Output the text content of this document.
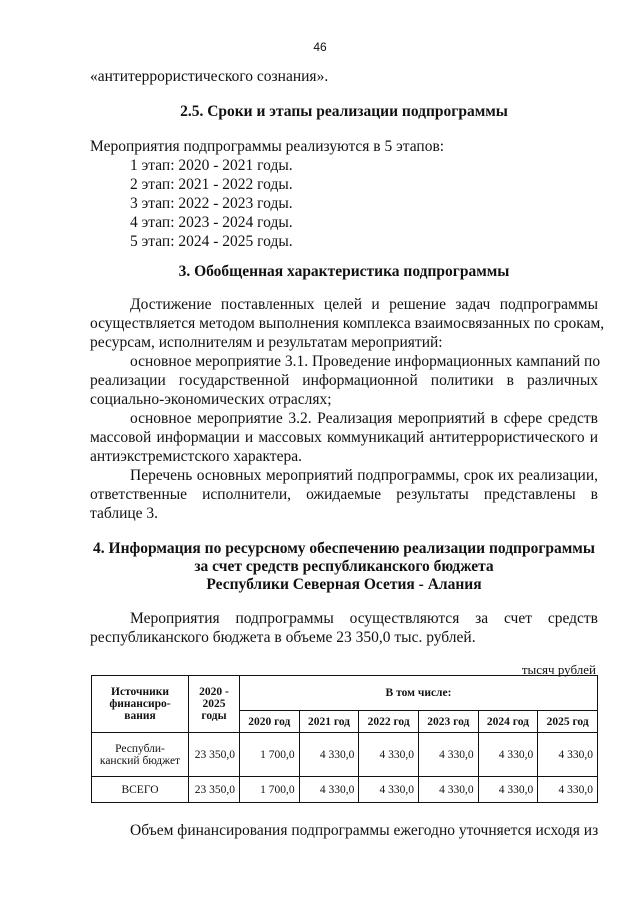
46
«антитеррористического сознания».
2.5. Сроки и этапы реализации подпрограммы
Мероприятия подпрограммы реализуются в 5 этапов:
1 этап: 2020 - 2021 годы.
2 этап: 2021 - 2022 годы.
3 этап: 2022 - 2023 годы.
4 этап: 2023 - 2024 годы.
5 этап: 2024 - 2025 годы.
3. Обобщенная характеристика подпрограммы
Достижение поставленных целей и решение задач подпрограммы
осуществляется методом выполнения комплекса взаимосвязанных по срокам,
ресурсам, исполнителям и результатам мероприятий:
основное мероприятие 3.1. Проведение информационных кампаний по
реализации государственной информационной политики в различных
социально-экономических отраслях;
основное мероприятие 3.2. Реализация мероприятий в сфере средств
массовой информации и массовых коммуникаций антитеррористического и
антиэкстремистского характера.
Перечень основных мероприятий подпрограммы, срок их реализации,
ответственные исполнители, ожидаемые результаты представлены в
таблице 3.
4. Информация по ресурсному обеспечению реализации подпрограммы
за счет средств республиканского бюджета
Республики Северная Осетия - Алания
Мероприятия подпрограммы осуществляются за счет средств
республиканского бюджета в объеме 23 350,0 тыс. рублей.
тысяч рублей
Источники
финансиро-
вания	2020 -
2025
годы	В том числе:					
		2020 год	2021 год	2022 год	2023 год	2024 год	2025 год
Республи-
канский бюджет	23 350,0	1 700,0	4 330,0	4 330,0	4 330,0	4 330,0	4 330,0
ВСЕГО	23 350,0	1 700,0	4 330,0	4 330,0	4 330,0	4 330,0	4 330,0
Объем финансирования подпрограммы ежегодно уточняется исходя из
